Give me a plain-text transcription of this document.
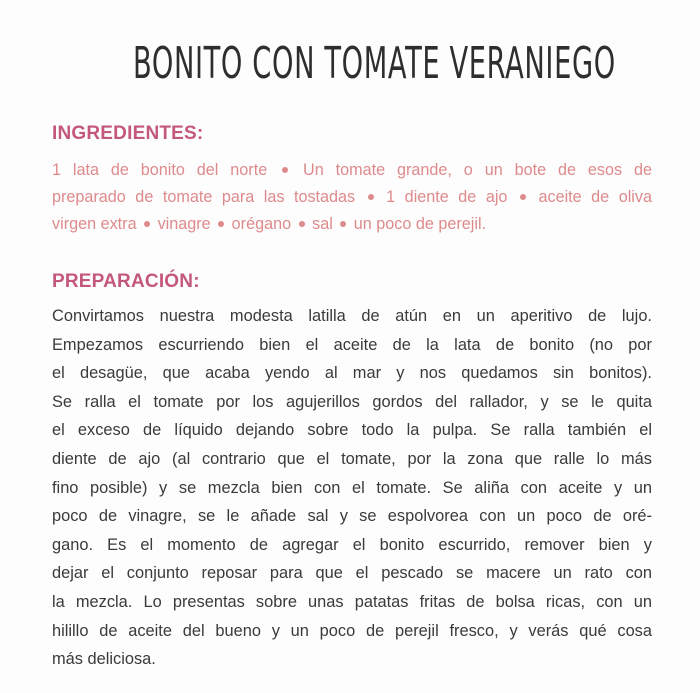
BONITO CON TOMATE VERANIEGO
INGREDIENTES:
1 lata de bonito del norte Un tomate grande, o un bote de esos de
preparado de tomate para las tostadas 1 diente de ajo aceite de oliva
virgen extra vinagre orégano sal un poco de perejil.
PREPARACIÓN:
Convirtamos nuestra modesta latilla de atún en un aperitivo de lujo.
Empezamos escurriendo bien el aceite de la lata de bonito (no por
el desagüe, que acaba yendo al mar y nos quedamos sin bonitos).
Se ralla el tomate por los agujerillos gordos del rallador, y se le quita
el exceso de líquido dejando sobre todo la pulpa. Se ralla también el
diente de ajo (al contrario que el tomate, por la zona que ralle lo más
fino posible) y se mezcla bien con el tomate. Se aliña con aceite y un
poco de vinagre, se le añade sal y se espolvorea con un poco de oré-
gano. Es el momento de agregar el bonito escurrido, remover bien y
dejar el conjunto reposar para que el pescado se macere un rato con
la mezcla. Lo presentas sobre unas patatas fritas de bolsa ricas, con un
hilillo de aceite del bueno y un poco de perejil fresco, y verás qué cosa
más deliciosa.
